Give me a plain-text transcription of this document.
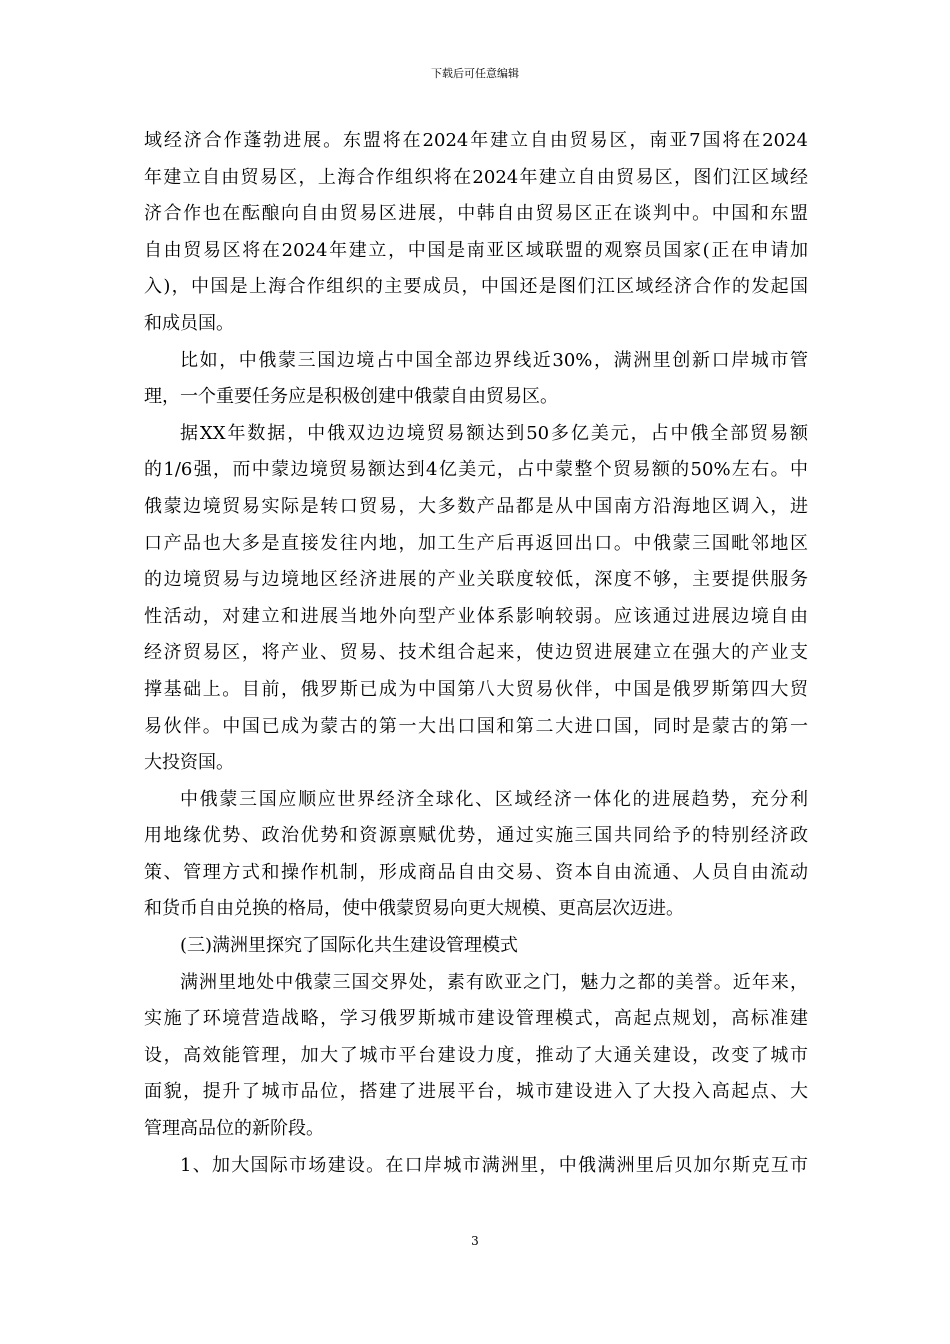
下载后可任意编辑
域经济合作蓬勃进展。东盟将在2024年建立自由贸易区，南亚7国将在2024
年建立自由贸易区，上海合作组织将在2024年建立自由贸易区，图们江区域经
济合作也在酝酿向自由贸易区进展，中韩自由贸易区正在谈判中。中国和东盟
自由贸易区将在2024年建立，中国是南亚区域联盟的观察员国家(正在申请加
入)，中国是上海合作组织的主要成员，中国还是图们江区域经济合作的发起国
和成员国。
比如，中俄蒙三国边境占中国全部边界线近30%，满洲里创新口岸城市管
理，一个重要任务应是积极创建中俄蒙自由贸易区。
据XX年数据，中俄双边边境贸易额达到50多亿美元，占中俄全部贸易额
的1/6强，而中蒙边境贸易额达到4亿美元，占中蒙整个贸易额的50%左右。中
俄蒙边境贸易实际是转口贸易，大多数产品都是从中国南方沿海地区调入，进
口产品也大多是直接发往内地，加工生产后再返回出口。中俄蒙三国毗邻地区
的边境贸易与边境地区经济进展的产业关联度较低，深度不够，主要提供服务
性活动，对建立和进展当地外向型产业体系影响较弱。应该通过进展边境自由
经济贸易区，将产业、贸易、技术组合起来，使边贸进展建立在强大的产业支
撑基础上。目前，俄罗斯已成为中国第八大贸易伙伴，中国是俄罗斯第四大贸
易伙伴。中国已成为蒙古的第一大出口国和第二大进口国，同时是蒙古的第一
大投资国。
中俄蒙三国应顺应世界经济全球化、区域经济一体化的进展趋势，充分利
用地缘优势、政治优势和资源禀赋优势，通过实施三国共同给予的特别经济政
策、管理方式和操作机制，形成商品自由交易、资本自由流通、人员自由流动
和货币自由兑换的格局，使中俄蒙贸易向更大规模、更高层次迈进。
(三)满洲里探究了国际化共生建设管理模式
满洲里地处中俄蒙三国交界处，素有欧亚之门，魅力之都的美誉。近年来，
实施了环境营造战略，学习俄罗斯城市建设管理模式，高起点规划，高标准建
设，高效能管理，加大了城市平台建设力度，推动了大通关建设，改变了城市
面貌，提升了城市品位，搭建了进展平台，城市建设进入了大投入高起点、大
管理高品位的新阶段。
1、加大国际市场建设。在口岸城市满洲里，中俄满洲里后贝加尔斯克互市
3
